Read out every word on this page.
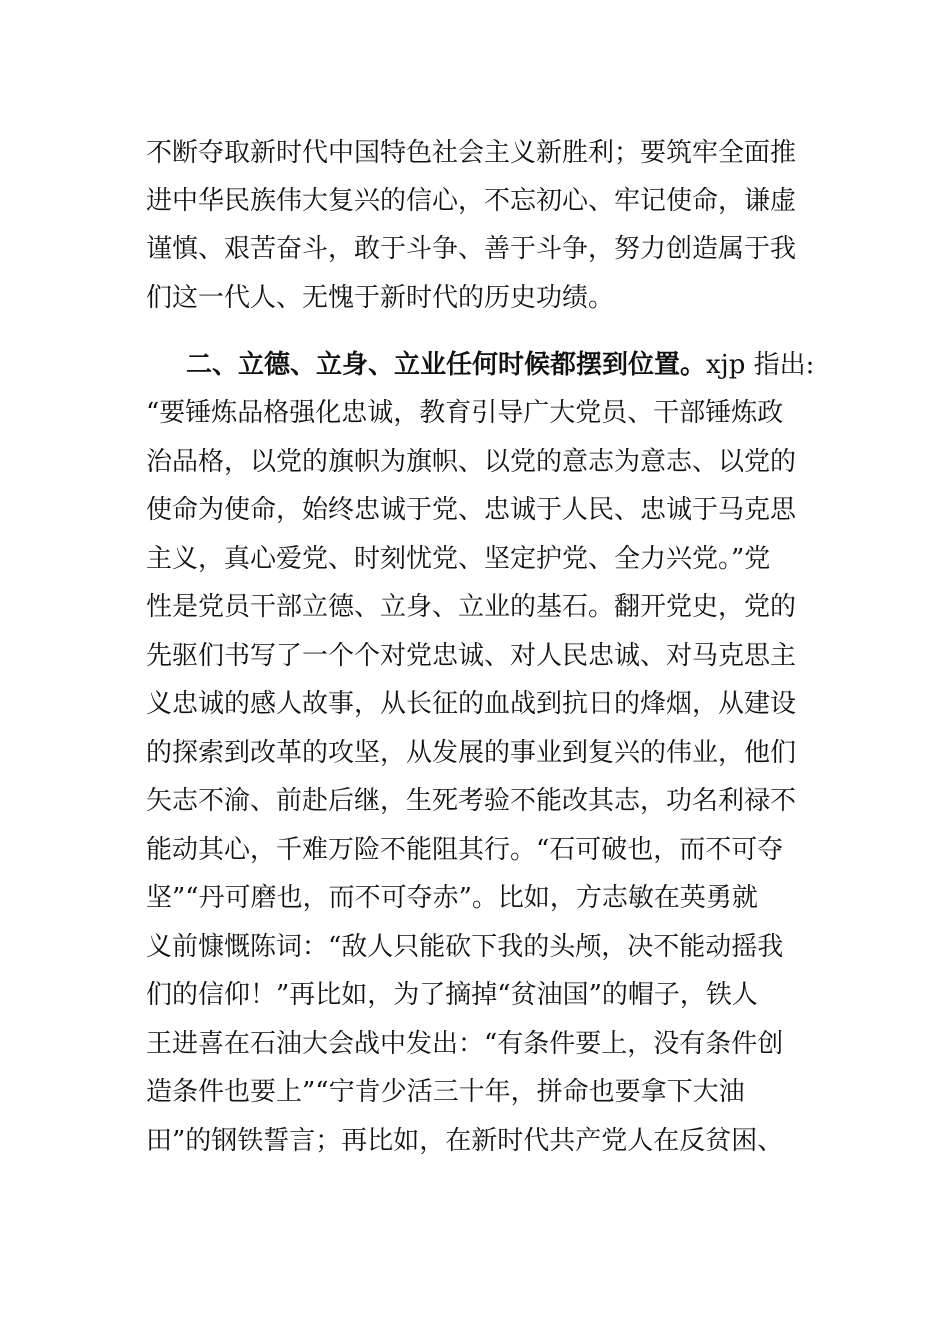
不断夺取新时代中国特色社会主义新胜利；要筑牢全面推
进中华民族伟大复兴的信心，不忘初心、牢记使命，谦虚
谨慎、艰苦奋斗，敢于斗争、善于斗争，努力创造属于我
们这一代人、无愧于新时代的历史功绩。
二、立德、立身、立业任何时候都摆到位置。xjp 指出:
“要锤炼品格强化忠诚，教育引导广大党员、干部锤炼政
治品格，以党的旗帜为旗帜、以党的意志为意志、以党的
使命为使命，始终忠诚于党、忠诚于人民、忠诚于马克思
主义，真心爱党、时刻忧党、坚定护党、全力兴党。”党
性是党员干部立德、立身、立业的基石。翻开党史，党的
先驱们书写了一个个对党忠诚、对人民忠诚、对马克思主
义忠诚的感人故事，从长征的血战到抗日的烽烟，从建设
的探索到改革的攻坚，从发展的事业到复兴的伟业，他们
矢志不渝、前赴后继，生死考验不能改其志，功名利禄不
能动其心，千难万险不能阻其行。“石可破也，而不可夺
坚”“丹可磨也，而不可夺赤”。比如，方志敏在英勇就
义前慷慨陈词：“敌人只能砍下我的头颅，决不能动摇我
们的信仰！”再比如，为了摘掉“贫油国”的帽子，铁人
王进喜在石油大会战中发出：“有条件要上，没有条件创
造条件也要上”“宁肯少活三十年，拼命也要拿下大油
田”的钢铁誓言；再比如，在新时代共产党人在反贫困、
